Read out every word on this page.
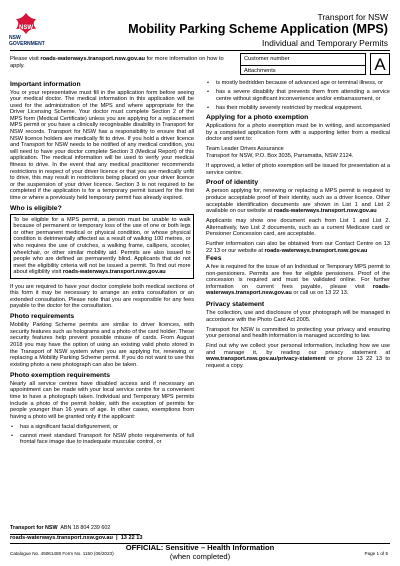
NSW
NSW
GOVERNMENT
Transport for NSW
Mobility Parking Scheme Application (MPS)
Individual and Temporary Permits
Please visit roads-waterways.transport.nsw.gov.au for more information on how to apply.
Customer number
Attachments	A
Important information

You or your representative must fill in the application form before seeing your medical doctor. The medical information in this application will be used for the administration of the MPS and where appropriate for the Driver Licensing Scheme. Your doctor must complete Section 2 of the MPS form (Medical Certificate) unless you are applying for a replacement MPS permit or you have a clinically recognisable disability in Transport for NSW records. Transport for NSW has a responsibility to ensure that all NSW licence holders are medically fit to drive. If you hold a driver licence and Transport for NSW needs to be notified of any medical condition, you will need to have your doctor complete Section 3 (Medical Report) of this application. The medical information will be used to verify your medical fitness to drive. In the event that any medical practitioner recommends restrictions in respect of your driver licence or that you are medically unfit to drive, this may result in restrictions being placed on your driver licence or the suspension of your driver licence. Section 3 is not required to be completed if the application is for a temporary permit issued for the first time or where a previously held temporary permit has already expired.

Who is eligible?
To be eligible for a MPS permit, a person must be unable to walk because of permanent or temporary loss of the use of one or both legs or other permanent medical or physical condition, or whose physical condition is detrimentally affected as a result of walking 100 metres, or who requires the use of crutches, a walking frame, callipers, scooter, wheelchair, or other similar mobility aid. Permits are also issued to people who are defined as permanently blind. Applicants that do not meet the eligibility criteria will not be issued a permit. To find out more about eligibility visit roads-waterways.transport.nsw.gov.au

If you are required to have your doctor complete both medical sections of this form it may be necessary to arrange an extra consultation or an extended consultation. Please note that you are responsible for any fees payable to the doctor for the consultation.

Photo requirements

Mobility Parking Scheme permits are similar to driver licences, with security features such as holograms and a photo of the card holder. These security features help prevent possible misuse of cards. From August 2018 you may have the option of using an existing valid photo stored in the Transport of NSW system when you are applying for, renewing or replacing a Mobility Parking Scheme permit. If you do not want to use this existing photo a new photograph can also be taken.

Photo exemption requirements

Nearly all service centres have disabled access and if necessary an appointment can be made with your local service centre for a convenient time to have a photograph taken. Individual and Temporary MPS permits include a photo of the permit holder, with the exception of permits for people younger than 16 years of age. In other cases, exemptions from having a photo will be granted only if the applicant:

• has a significant facial disfigurement, or
• cannot meet standard Transport for NSW photo requirements of full frontal face image due to inadequate muscular control, or
• is mostly bedridden because of advanced age or terminal illness, or
• has a severe disability that prevents them from attending a service centre without significant inconvenience and/or embarrassment, or
• has their mobility severely restricted by medical equipment.
Applying for a photo exemption

Applications for a photo exemption must be in writing, and accompanied by a completed application form with a supporting letter from a medical doctor and sent to:

Team Leader Drives Assurance
Transport for NSW, P.O. Box 3035, Parramatta, NSW 2124.

If approved, a letter of photo exemption will be issued for presentation at a service centre.

Proof of identity

A person applying for, renewing or replacing a MPS permit is required to produce acceptable proof of their identity, such as a driver licence. Other acceptable identification documents are shown in List 1 and List 2 available on our website at roads-waterways.transport.nsw.gov.au

Applicants may show one document each from List 1 and List 2. Alternatively, two List 2 documents, such as a current Medicare card or Pensioner Concession card, are acceptable.

Further information can also be obtained from our Contact Centre on 13 22 13 or our website at roads-waterways.transport.nsw.gov.au

Fees

A fee is required for the issue of an Individual or Temporary MPS permit to non-pensioners. Permits are free for eligible pensioners. Proof of the concession is required and must be validated online. For further information on current fees payable, please visit roads-waterways.transport.nsw.gov.au or call us on 13 22 13.

Privacy statement

The collection, use and disclosure of your photograph will be managed in accordance with the Photo Card Act 2005.

Transport for NSW is committed to protecting your privacy and ensuring your personal and health information is managed according to law.

Find out why we collect your personal information, including how we use and manage it, by reading our privacy statement at www.transport.nsw.gov.au/privacy-statement or phone 13 22 13 to request a copy.

Transport for NSW ABN 18 804 239 602
roads-waterways.transport.nsw.gov.au | 13 22 13
Catalogue No. 45061488 Form No. 1150 (06/2023)
OFFICIAL: Sensitive – Health Information
(when completed)	Page 1 of 5
